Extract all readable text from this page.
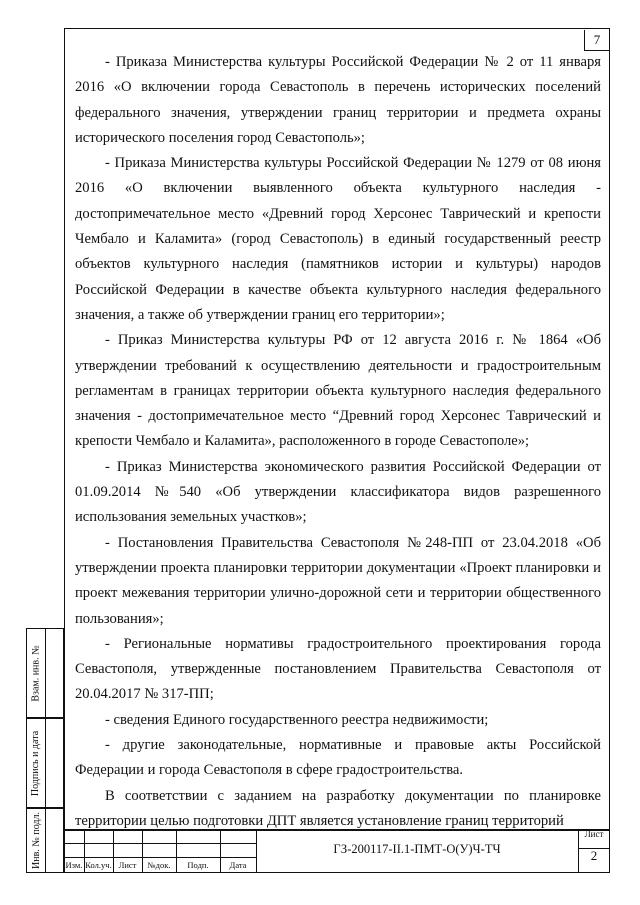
7

- Приказа Министерства культуры Российской Федерации № 2 от 11 января 2016 «О включении города Севастополь в перечень исторических поселений федерального значения, утверждении границ территории и предмета охраны исторического поселения город Севастополь»;

- Приказа Министерства культуры Российской Федерации № 1279 от 08 июня 2016 «О включении выявленного объекта культурного наследия - достопримечательное место «Древний город Херсонес Таврический и крепости Чембало и Каламита» (город Севастополь) в единый государственный реестр объектов культурного наследия (памятников истории и культуры) народов Российской Федерации в качестве объекта культурного наследия федерального значения, а также об утверждении границ его территории»;

- Приказ Министерства культуры РФ от 12 августа 2016 г. № 1864 «Об утверждении требований к осуществлению деятельности и градостроительным регламентам в границах территории объекта культурного наследия федерального значения - достопримечательное место “Древний город Херсонес Таврический и крепости Чембало и Каламита», расположенного в городе Севастополе»;

- Приказ Министерства экономического развития Российской Федерации от 01.09.2014 №540 «Об утверждении классификатора видов разрешенного использования земельных участков»;

- Постановления Правительства Севастополя №248-ПП от 23.04.2018 «Об утверждении проекта планировки территории документации «Проект планировки и проект межевания территории улично-дорожной сети и территории общественного пользования»;

- Региональные нормативы градостроительного проектирования города Севастополя, утвержденные постановлением Правительства Севастополя от 20.04.2017 № 317-ПП;

- сведения Единого государственного реестра недвижимости;

- другие законодательные, нормативные и правовые акты Российской Федерации и города Севастополя в сфере градостроительства.

В соответствии с заданием на разработку документации по планировке территории целью подготовки ДПТ является установление границ территорий

Взам. инв. №
Подпись и дата
Инв. № подл.	Изм. Кол.уч. Лист	№док.	Подп.	Дата
ГЗ-200117-II.1-ПМТ-О(У)Ч-ТЧ
Лист
2
